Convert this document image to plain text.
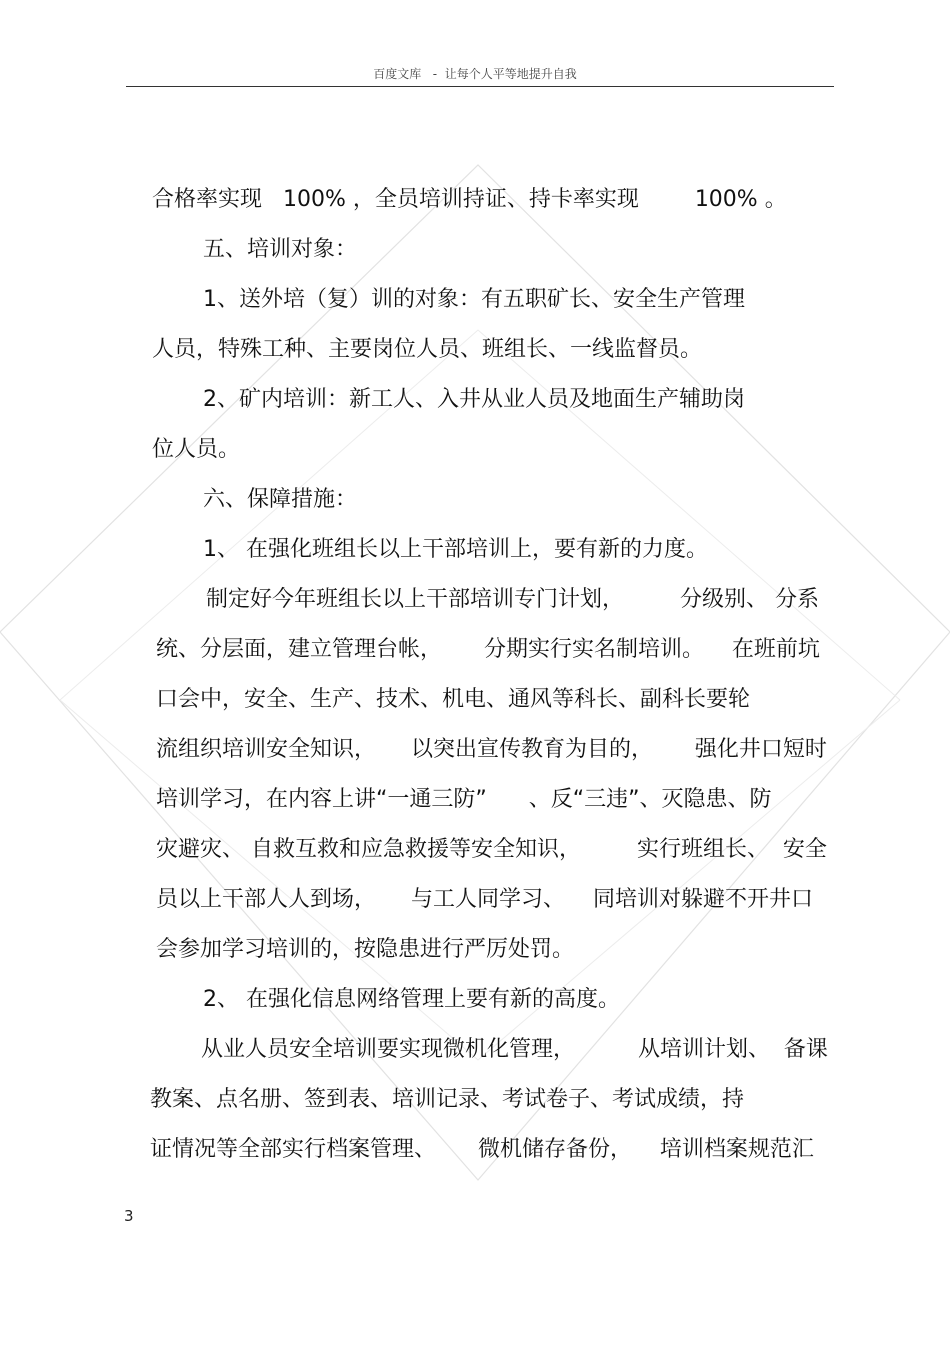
百度文库   -  让每个人平等地提升自我
合格率实现   100% ，全员培训持证、持卡率实现        100% 。
五、培训对象：
1、送外培（复）训的对象：有五职矿长、安全生产管理
人员，特殊工种、主要岗位人员、班组长、一线监督员。
2、矿内培训：新工人、入井从业人员及地面生产辅助岗
位人员。
六、保障措施：
1、 在强化班组长以上干部培训上，要有新的力度。
制定好今年班组长以上干部培训专门计划，        分级别、 分系
统、分层面，建立管理台帐，      分期实行实名制培训。    在班前坑
口会中，安全、生产、技术、机电、通风等科长、副科长要轮
流组织培训安全知识，     以突出宣传教育为目的，      强化井口短时
培训学习，在内容上讲“一通三防”      、反“三违”、灭隐患、防
灾避灾、 自救互救和应急救援等安全知识，        实行班组长、  安全
员以上干部人人到场，     与工人同学习、    同培训对躲避不开井口
会参加学习培训的，按隐患进行严厉处罚。
2、 在强化信息网络管理上要有新的高度。
从业人员安全培训要实现微机化管理，         从培训计划、  备课
教案、点名册、签到表、培训记录、考试卷子、考试成绩，持
证情况等全部实行档案管理、      微机储存备份，    培训档案规范汇
3
